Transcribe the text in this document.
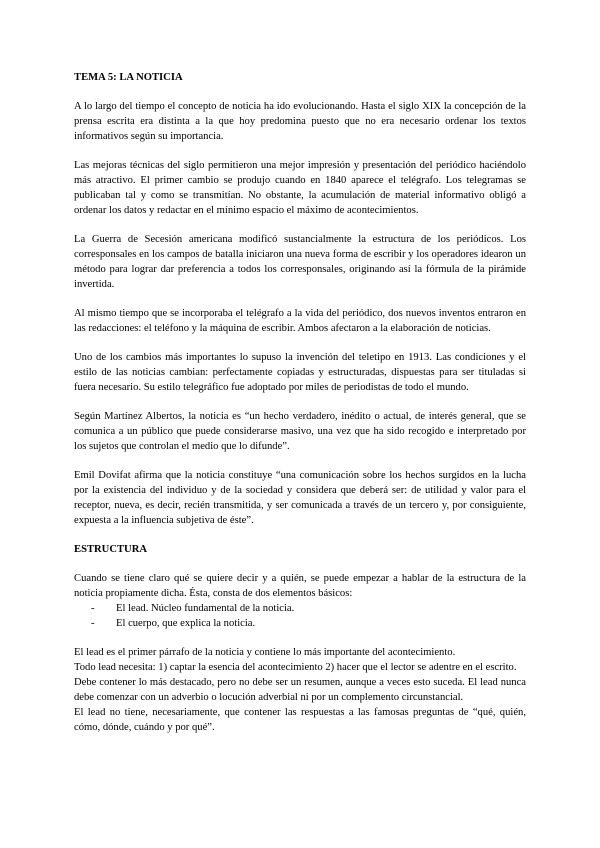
TEMA 5: LA NOTICIA

A lo largo del tiempo el concepto de noticia ha ido evolucionando. Hasta el siglo XIX la concepción de la prensa escrita era distinta a la que hoy predomina puesto que no era necesario ordenar los textos informativos según su importancia.

Las mejoras técnicas del siglo permitieron una mejor impresión y presentación del periódico haciéndolo más atractivo. El primer cambio se produjo cuando en 1840 aparece el telégrafo. Los telegramas se publicaban tal y como se transmitían. No obstante, la acumulación de material informativo obligó a ordenar los datos y redactar en el mínimo espacio el máximo de acontecimientos.

La Guerra de Secesión americana modificó sustancialmente la estructura de los periódicos. Los corresponsales en los campos de batalla iniciaron una nueva forma de escribir y los operadores idearon un método para lograr dar preferencia a todos los corresponsales, originando así la fórmula de la pirámide invertida.

Al mismo tiempo que se incorporaba el telégrafo a la vida del periódico, dos nuevos inventos entraron en las redacciones: el teléfono y la máquina de escribir. Ambos afectaron a la elaboración de noticias.

Uno de los cambios más importantes lo supuso la invención del teletipo en 1913. Las condiciones y el estilo de las noticias cambian: perfectamente copiadas y estructuradas, dispuestas para ser tituladas si fuera necesario. Su estilo telegráfico fue adoptado por miles de periodistas de todo el mundo.

Según Martínez Albertos, la noticia es “un hecho verdadero, inédito o actual, de interés general, que se comunica a un público que puede considerarse masivo, una vez que ha sido recogido e interpretado por los sujetos que controlan el medio que lo difunde”.

Emil Dovifat afirma que la noticia constituye “una comunicación sobre los hechos surgidos en la lucha por la existencia del individuo y de la sociedad y considera que deberá ser: de utilidad y valor para el receptor, nueva, es decir, recién transmitida, y ser comunicada a través de un tercero y, por consiguiente, expuesta a la influencia subjetiva de éste”.

ESTRUCTURA

Cuando se tiene claro qué se quiere decir y a quién, se puede empezar a hablar de la estructura de la noticia propiamente dicha. Ésta, consta de dos elementos básicos:

- El lead. Núcleo fundamental de la noticia.
- El cuerpo, que explica la noticia.

El lead es el primer párrafo de la noticia y contiene lo más importante del acontecimiento.

Todo lead necesita: 1) captar la esencia del acontecimiento 2) hacer que el lector se adentre en el escrito.

Debe contener lo más destacado, pero no debe ser un resumen, aunque a veces esto suceda. El lead nunca debe comenzar con un adverbio o locución adverbial ni por un complemento circunstancial.

El lead no tiene, necesariamente, que contener las respuestas a las famosas preguntas de “qué, quién, cómo, dónde, cuándo y por qué”.
